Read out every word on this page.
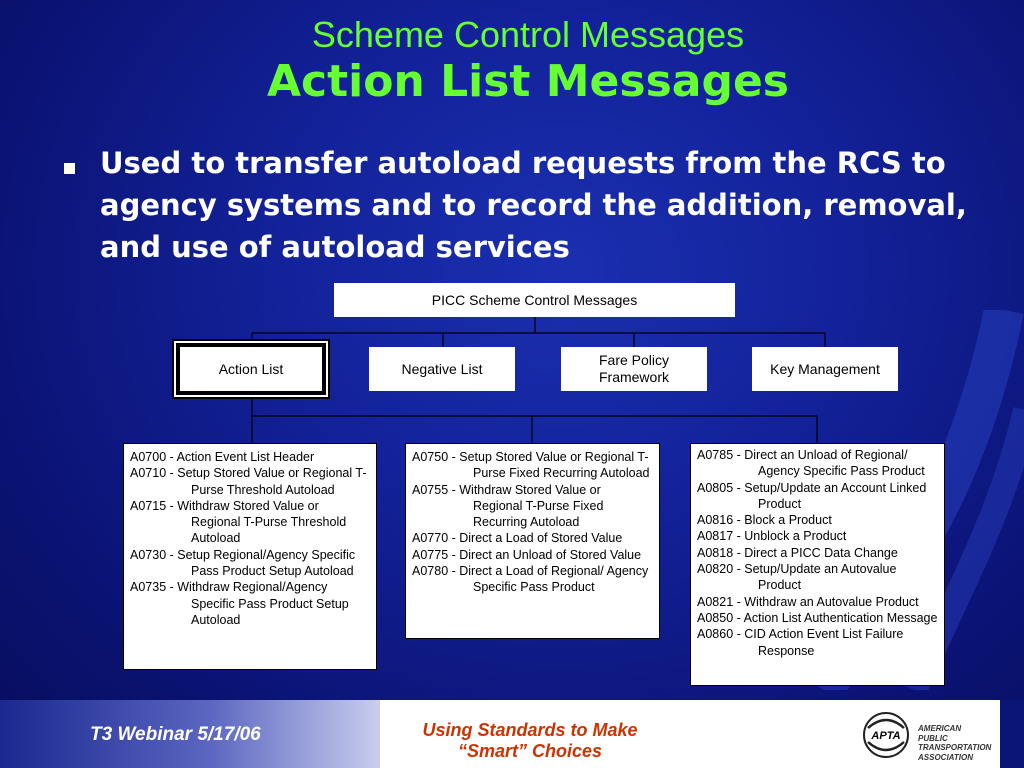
Scheme Control Messages
Action List Messages
Used to transfer autoload requests from the RCS to agency systems and to record the addition, removal, and use of autoload services
PICC Scheme Control Messages
Action List	Negative List
Fare Policy Framework
Key Management
A0700 - Action Event List Header
A0710 - Setup Stored Value or Regional T-Purse Threshold Autoload
A0715 - Withdraw Stored Value or Regional T-Purse Threshold Autoload
A0730 - Setup Regional/Agency Specific Pass Product Setup Autoload
A0735 - Withdraw Regional/Agency Specific Pass Product Setup Autoload
A0750 - Setup Stored Value or Regional T-Purse Fixed Recurring Autoload
A0755 - Withdraw Stored Value or Regional T-Purse Fixed Recurring Autoload
A0770 - Direct a Load of Stored Value
A0775 - Direct an Unload of Stored Value
A0780 - Direct a Load of Regional/ Agency Specific Pass Product
A0785 - Direct an Unload of Regional/ Agency Specific Pass Product
A0805 - Setup/Update an Account Linked Product
A0816 - Block a Product
A0817 - Unblock a Product
A0818 - Direct a PICC Data Change
A0820 - Setup/Update an Autovalue Product
A0821 - Withdraw an Autovalue Product
A0850 - Action List Authentication Message
A0860 - CID Action Event List Failure Response
T3 Webinar 5/17/06	Using Standards to Make
“Smart” Choices
APTA
AMERICAN
PUBLIC
TRANSPORTATION
ASSOCIATION
